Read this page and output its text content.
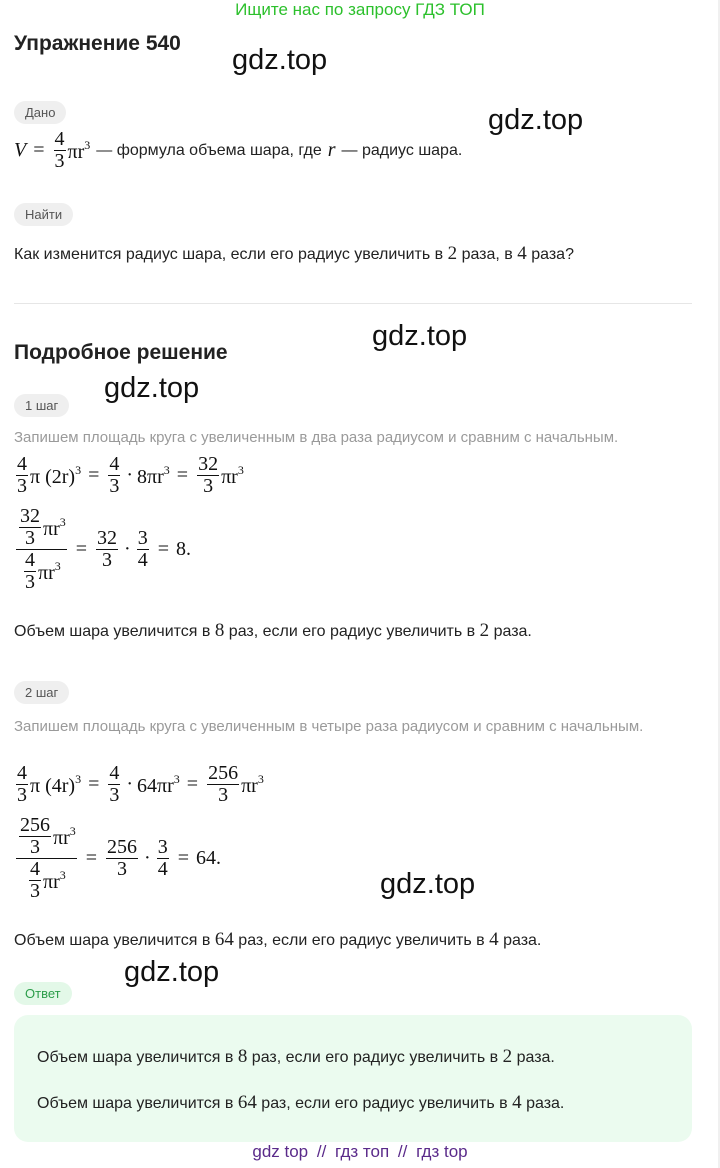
Ищите нас по запросу ГДЗ ТОП
Упражнение 540
gdz.top
gdz.top
gdz.top
gdz.top
gdz.top
gdz.top
Дано
$V = \frac{4}{3} \pi r^3$ — формула объема шара, где r — радиус шара.
Найти
Как изменится радиус шара, если его радиус увеличить в 2 раза, в 4 раза?
Подробное решение
1 шаг
Запишем площадь круга с увеличенным в два раза радиусом и сравним с начальным.
$\frac{4}{3}$ π $(2r)^3 = \frac{4}{3} \cdot 8\pi r^3 = \frac{32}{3} \pi r^3$
$\frac{\frac{32}{3} \pi r^3}{\frac{4}{3} \pi r^3} = \frac{32}{3} \cdot \frac{3}{4} = 8$.
Объем шара увеличится в 8 раз, если его радиус увеличить в 2 раза.
2 шаг
Запишем площадь круга с увеличенным в четыре раза радиусом и сравним с начальным.
$\frac{4}{3}$ π $(4r)^3 = \frac{4}{3} \cdot 64\pi r^3 = \frac{256}{3} \pi r^3$
$\frac{\frac{256}{3} \pi r^3}{\frac{4}{3} \pi r^3} = \frac{256}{3} \cdot \frac{3}{4} = 64$.
Объем шара увеличится в 64 раз, если его радиус увеличить в 4 раза.
Ответ
Объем шара увеличится в 8 раз, если его радиус увеличить в 2 раза.
Объем шара увеличится в 64 раз, если его радиус увеличить в 4 раза.
gdz top // гдз топ // гдз top
